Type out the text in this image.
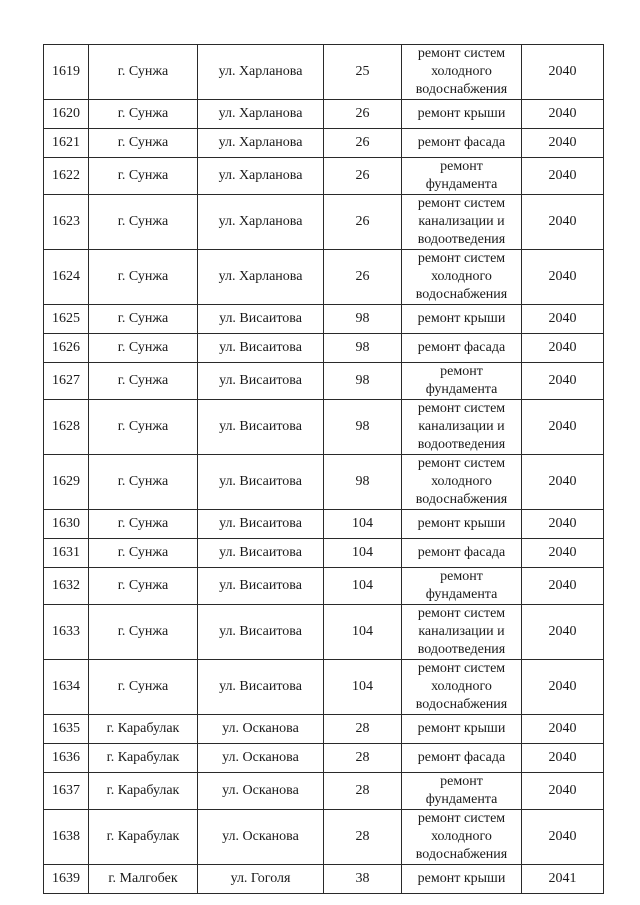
1619	г. Сунжа	ул. Харланова	25	ремонт систем холодного водоснабжения	2040
1620	г. Сунжа	ул. Харланова	26	ремонт крыши	2040
1621	г. Сунжа	ул. Харланова	26	ремонт фасада	2040
1622	г. Сунжа	ул. Харланова	26	ремонт фундамента	2040
1623	г. Сунжа	ул. Харланова	26	ремонт систем канализации и водоотведения	2040
1624	г. Сунжа	ул. Харланова	26	ремонт систем холодного водоснабжения	2040
1625	г. Сунжа	ул. Висаитова	98	ремонт крыши	2040
1626	г. Сунжа	ул. Висаитова	98	ремонт фасада	2040
1627	г. Сунжа	ул. Висаитова	98	ремонт фундамента	2040
1628	г. Сунжа	ул. Висаитова	98	ремонт систем канализации и водоотведения	2040
1629	г. Сунжа	ул. Висаитова	98	ремонт систем холодного водоснабжения	2040
1630	г. Сунжа	ул. Висаитова	104	ремонт крыши	2040
1631	г. Сунжа	ул. Висаитова	104	ремонт фасада	2040
1632	г. Сунжа	ул. Висаитова	104	ремонт фундамента	2040
1633	г. Сунжа	ул. Висаитова	104	ремонт систем канализации и водоотведения	2040
1634	г. Сунжа	ул. Висаитова	104	ремонт систем холодного водоснабжения	2040
1635	г. Карабулак	ул. Осканова	28	ремонт крыши	2040
1636	г. Карабулак	ул. Осканова	28	ремонт фасада	2040
1637	г. Карабулак	ул. Осканова	28	ремонт фундамента	2040
1638	г. Карабулак	ул. Осканова	28	ремонт систем холодного водоснабжения	2040
1639	г. Малгобек	ул. Гоголя	38	ремонт крыши	2041
